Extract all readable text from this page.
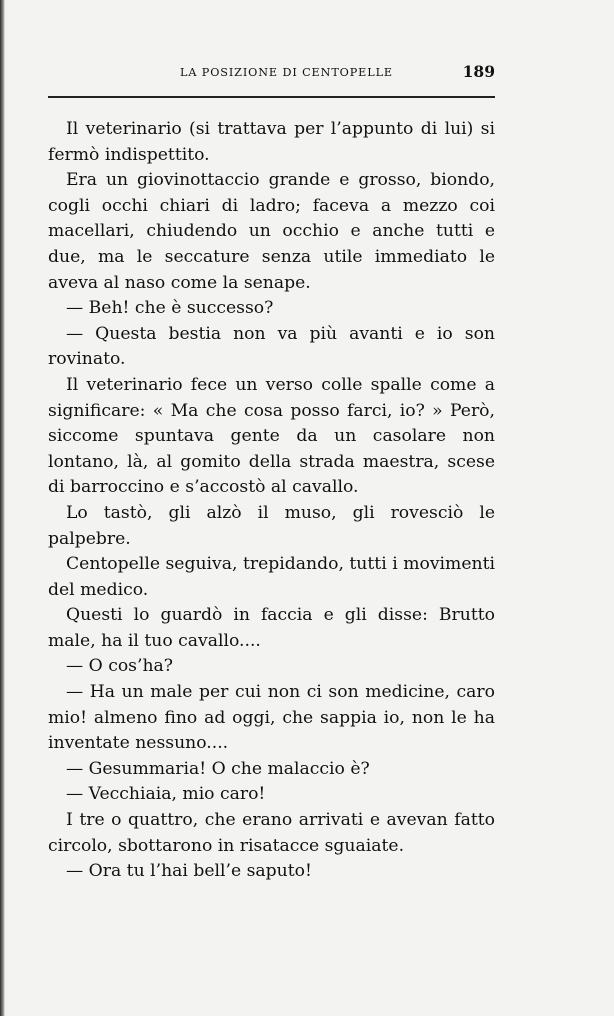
LA POSIZIONE DI CENTOPELLE	189

Il veterinario (si trattava per l’appunto di lui) si fermò indispettito.

Era un giovinottaccio grande e grosso, biondo, cogli occhi chiari di ladro; faceva a mezzo coi macellari, chiudendo un occhio e anche tutti e due, ma le seccature senza utile immediato le aveva al naso come la senape.

— Beh! che è successo?

— Questa bestia non va più avanti e io son rovinato.

Il veterinario fece un verso colle spalle come a significare: « Ma che cosa posso farci, io? » Però, siccome spuntava gente da un casolare non lontano, là, al gomito della strada maestra, scese di barroccino e s’accostò al cavallo.

Lo tastò, gli alzò il muso, gli rovesciò le palpebre.

Centopelle seguiva, trepidando, tutti i movimenti del medico.

Questi lo guardò in faccia e gli disse: Brutto male, ha il tuo cavallo....

— O cos’ha?

— Ha un male per cui non ci son medicine, caro mio! almeno fino ad oggi, che sappia io, non le ha inventate nessuno....

— Gesummaria! O che malaccio è?

— Vecchiaia, mio caro!

I tre o quattro, che erano arrivati e avevan fatto circolo, sbottarono in risatacce sguaiate.

— Ora tu l’hai bell’e saputo!
